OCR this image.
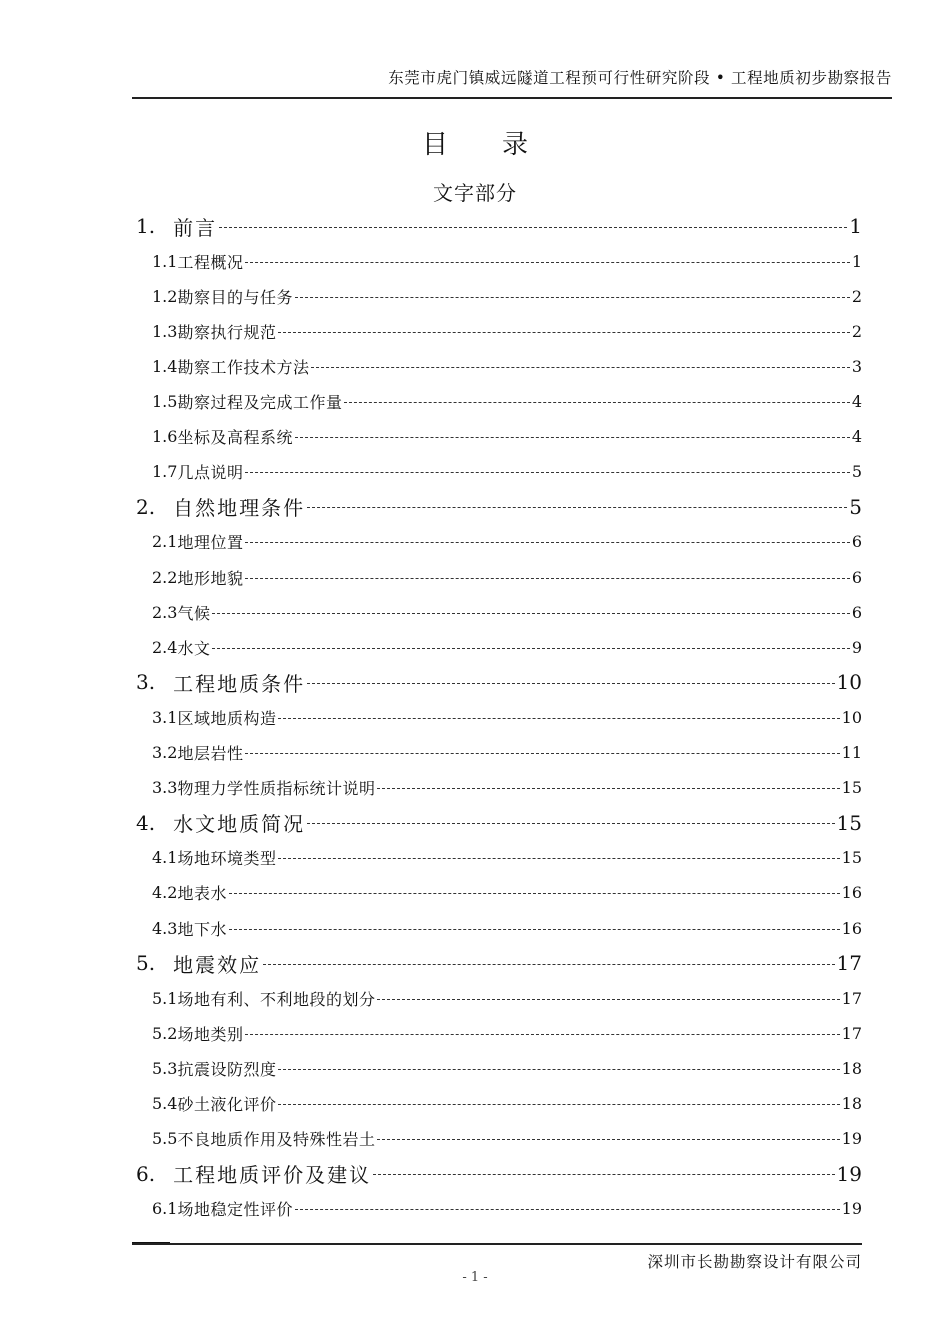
东莞市虎门镇威远隧道工程预可行性研究阶段 • 工程地质初步勘察报告
目录
文字部分
1. 前言	1
1.1 工程概况	1
1.2 勘察目的与任务	2
1.3 勘察执行规范	2
1.4 勘察工作技术方法	3
1.5 勘察过程及完成工作量	4
1.6 坐标及高程系统	4
1.7 几点说明	5
2. 自然地理条件	5
2.1 地理位置	6
2.2 地形地貌	6
2.3 气候	6
2.4 水文	9
3. 工程地质条件	10
3.1 区域地质构造	10
3.2 地层岩性	11
3.3 物理力学性质指标统计说明	15
4. 水文地质简况	15
4.1 场地环境类型	15
4.2 地表水	16
4.3 地下水	16
5. 地震效应	17
5.1 场地有利、不利地段的划分	17
5.2 场地类别	17
5.3 抗震设防烈度	18
5.4 砂土液化评价	18
5.5 不良地质作用及特殊性岩土	19
6. 工程地质评价及建议	19
6.1 场地稳定性评价	19
深圳市长勘勘察设计有限公司
- 1 -
